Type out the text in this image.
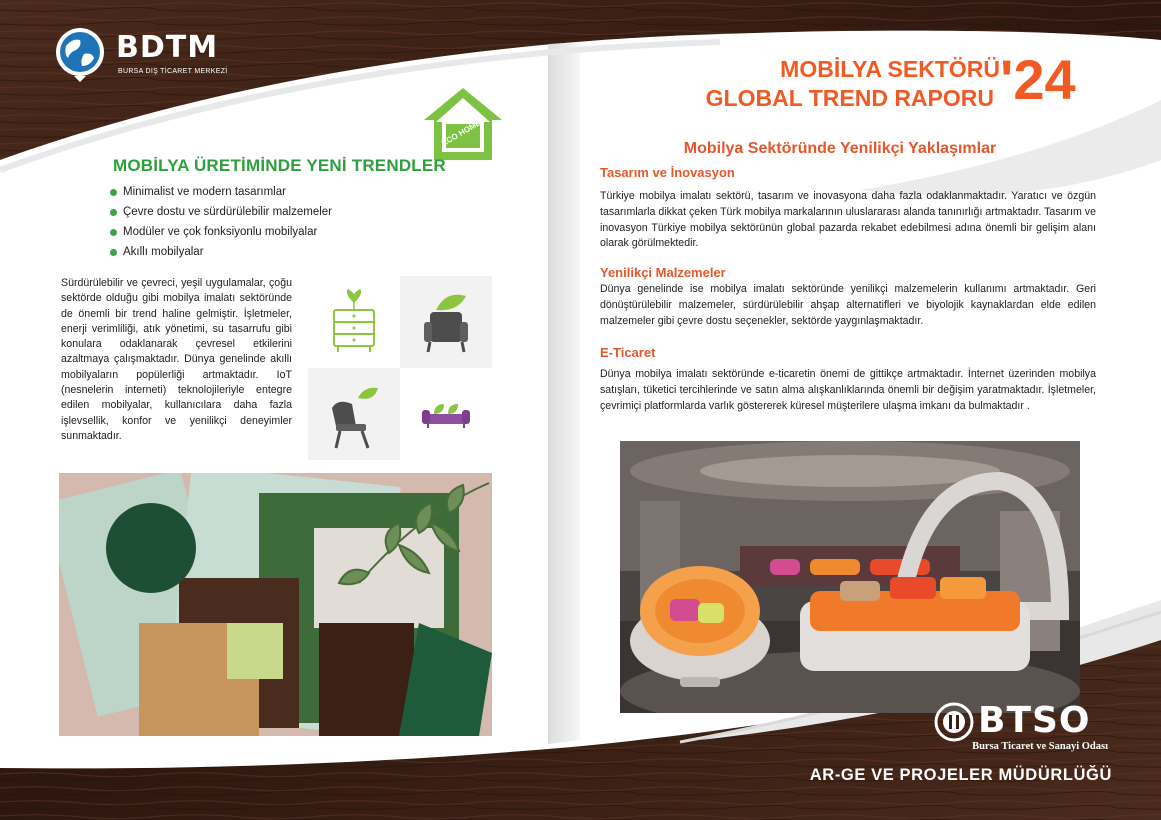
BDTM
BURSA DIŞ TİCARET MERKEZİ
ECO HOME
MOBİLYA ÜRETİMİNDE YENİ TRENDLER
Minimalist ve modern tasarımlar
Çevre dostu ve sürdürülebilir malzemeler
Modüler ve çok fonksiyonlu mobilyalar
Akıllı mobilyalar

Sürdürülebilir ve çevreci, yeşil uygulamalar, çoğu sektörde olduğu gibi mobilya imalatı sektöründe de önemli bir trend haline gelmiştir. İşletmeler, enerji verimliliği, atık yönetimi, su tasarrufu gibi konulara odaklanarak çevresel etkilerini azaltmaya çalışmaktadır. Dünya genelinde akıllı mobilyaların popülerliği artmaktadır. IoT (nesnelerin interneti) teknolojileriyle entegre edilen mobilyalar, kullanıcılara daha fazla işlevsellik, konfor ve yenilikçi deneyimler sunmaktadır.

MOBİLYA SEKTÖRÜ
GLOBAL TREND RAPORU '24
Mobilya Sektöründe Yenilikçi Yaklaşımlar
Tasarım ve İnovasyon

Türkiye mobilya imalatı sektörü, tasarım ve inovasyona daha fazla odaklanmaktadır. Yaratıcı ve özgün tasarımlarla dikkat çeken Türk mobilya markalarının uluslararası alanda tanınırlığı artmaktadır. Tasarım ve inovasyon Türkiye mobilya sektörünün global pazarda rekabet edebilmesi adına önemli bir gelişim alanı olarak görülmektedir.

Yenilikçi Malzemeler

Dünya genelinde ise mobilya imalatı sektöründe yenilikçi malzemelerin kullanımı artmaktadır. Geri dönüştürülebilir malzemeler, sürdürülebilir ahşap alternatifleri ve biyolojik kaynaklardan elde edilen malzemeler gibi çevre dostu seçenekler, sektörde yaygınlaşmaktadır.

E-Ticaret

Dünya mobilya imalatı sektöründe e-ticaretin önemi de gittikçe artmaktadır. İnternet üzerinden mobilya satışları, tüketici tercihlerinde ve satın alma alışkanlıklarında önemli bir değişim yaratmaktadır. İşletmeler, çevrimiçi platformlarda varlık göstererek küresel müşterilere ulaşma imkanı da bulmaktadır .

BTSO
Bursa Ticaret ve Sanayi Odası
AR-GE VE PROJELER MÜDÜRLÜĞÜ
